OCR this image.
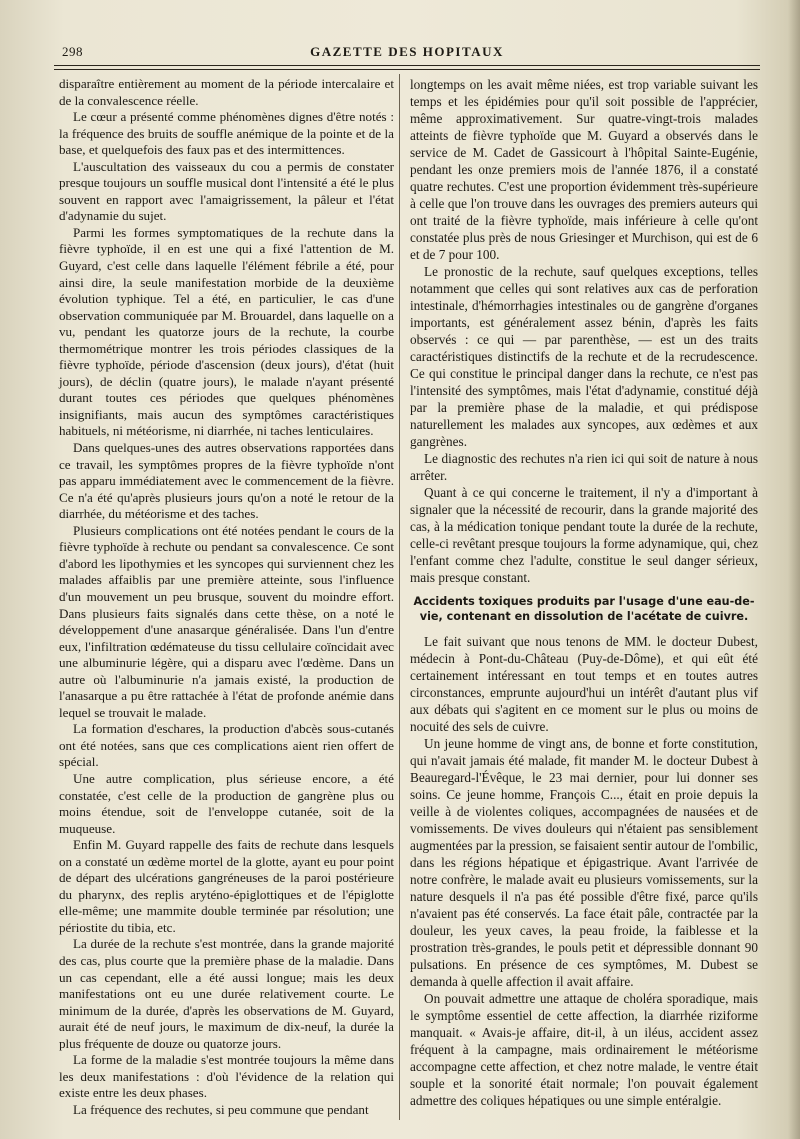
298	GAZETTE DES HOPITAUX

disparaître entièrement au moment de la période intercalaire et de la convalescence réelle.

Le cœur a présenté comme phénomènes dignes d'être notés : la fréquence des bruits de souffle anémique de la pointe et de la base, et quelquefois des faux pas et des intermittences.

L'auscultation des vaisseaux du cou a permis de constater presque toujours un souffle musical dont l'intensité a été le plus souvent en rapport avec l'amaigrissement, la pâleur et l'état d'adynamie du sujet.

Parmi les formes symptomatiques de la rechute dans la fièvre typhoïde, il en est une qui a fixé l'attention de M. Guyard, c'est celle dans laquelle l'élément fébrile a été, pour ainsi dire, la seule manifestation morbide de la deuxième évolution typhique. Tel a été, en particulier, le cas d'une observation communiquée par M. Brouardel, dans laquelle on a vu, pendant les quatorze jours de la rechute, la courbe thermométrique montrer les trois périodes classiques de la fièvre typhoïde, période d'ascension (deux jours), d'état (huit jours), de déclin (quatre jours), le malade n'ayant présenté durant toutes ces périodes que quelques phénomènes insignifiants, mais aucun des symptômes caractéristiques habituels, ni météorisme, ni diarrhée, ni taches lenticulaires.

Dans quelques-unes des autres observations rapportées dans ce travail, les symptômes propres de la fièvre typhoïde n'ont pas apparu immédiatement avec le commencement de la fièvre. Ce n'a été qu'après plusieurs jours qu'on a noté le retour de la diarrhée, du météorisme et des taches.

Plusieurs complications ont été notées pendant le cours de la fièvre typhoïde à rechute ou pendant sa convalescence. Ce sont d'abord les lipothymies et les syncopes qui surviennent chez les malades affaiblis par une première atteinte, sous l'influence d'un mouvement un peu brusque, souvent du moindre effort. Dans plusieurs faits signalés dans cette thèse, on a noté le développement d'une anasarque généralisée. Dans l'un d'entre eux, l'infiltration œdémateuse du tissu cellulaire coïncidait avec une albuminurie légère, qui a disparu avec l'œdème. Dans un autre où l'albuminurie n'a jamais existé, la production de l'anasarque a pu être rattachée à l'état de profonde anémie dans lequel se trouvait le malade.

La formation d'eschares, la production d'abcès sous-cutanés ont été notées, sans que ces complications aient rien offert de spécial.

Une autre complication, plus sérieuse encore, a été constatée, c'est celle de la production de gangrène plus ou moins étendue, soit de l'enveloppe cutanée, soit de la muqueuse.

Enfin M. Guyard rappelle des faits de rechute dans lesquels on a constaté un œdème mortel de la glotte, ayant eu pour point de départ des ulcérations gangréneuses de la paroi postérieure du pharynx, des replis aryténo-épiglottiques et de l'épiglotte elle-même; une mammite double terminée par résolution; une périostite du tibia, etc.

La durée de la rechute s'est montrée, dans la grande majorité des cas, plus courte que la première phase de la maladie. Dans un cas cependant, elle a été aussi longue; mais les deux manifestations ont eu une durée relativement courte. Le minimum de la durée, d'après les observations de M. Guyard, aurait été de neuf jours, le maximum de dix-neuf, la durée la plus fréquente de douze ou quatorze jours.

La forme de la maladie s'est montrée toujours la même dans les deux manifestations : d'où l'évidence de la relation qui existe entre les deux phases.

La fréquence des rechutes, si peu commune que pendant

longtemps on les avait même niées, est trop variable suivant les temps et les épidémies pour qu'il soit possible de l'apprécier, même approximativement. Sur quatre-vingt-trois malades atteints de fièvre typhoïde que M. Guyard a observés dans le service de M. Cadet de Gassicourt à l'hôpital Sainte-Eugénie, pendant les onze premiers mois de l'année 1876, il a constaté quatre rechutes. C'est une proportion évidemment très-supérieure à celle que l'on trouve dans les ouvrages des premiers auteurs qui ont traité de la fièvre typhoïde, mais inférieure à celle qu'ont constatée plus près de nous Griesinger et Murchison, qui est de 6 et de 7 pour 100.

Le pronostic de la rechute, sauf quelques exceptions, telles notamment que celles qui sont relatives aux cas de perforation intestinale, d'hémorrhagies intestinales ou de gangrène d'organes importants, est généralement assez bénin, d'après les faits observés : ce qui — par parenthèse, — est un des traits caractéristiques distinctifs de la rechute et de la recrudescence. Ce qui constitue le principal danger dans la rechute, ce n'est pas l'intensité des symptômes, mais l'état d'adynamie, constitué déjà par la première phase de la maladie, et qui prédispose naturellement les malades aux syncopes, aux œdèmes et aux gangrènes.

Le diagnostic des rechutes n'a rien ici qui soit de nature à nous arrêter.

Quant à ce qui concerne le traitement, il n'y a d'important à signaler que la nécessité de recourir, dans la grande majorité des cas, à la médication tonique pendant toute la durée de la rechute, celle-ci revêtant presque toujours la forme adynamique, qui, chez l'enfant comme chez l'adulte, constitue le seul danger sérieux, mais presque constant.

Accidents toxiques produits par l'usage d'une eau-de-vie, contenant en dissolution de l'acétate de cuivre.

Le fait suivant que nous tenons de MM. le docteur Dubest, médecin à Pont-du-Château (Puy-de-Dôme), et qui eût été certainement intéressant en tout temps et en toutes autres circonstances, emprunte aujourd'hui un intérêt d'autant plus vif aux débats qui s'agitent en ce moment sur le plus ou moins de nocuité des sels de cuivre.

Un jeune homme de vingt ans, de bonne et forte constitution, qui n'avait jamais été malade, fit mander M. le docteur Dubest à Beauregard-l'Évêque, le 23 mai dernier, pour lui donner ses soins. Ce jeune homme, François C..., était en proie depuis la veille à de violentes coliques, accompagnées de nausées et de vomissements. De vives douleurs qui n'étaient pas sensiblement augmentées par la pression, se faisaient sentir autour de l'ombilic, dans les régions hépatique et épigastrique. Avant l'arrivée de notre confrère, le malade avait eu plusieurs vomissements, sur la nature desquels il n'a pas été possible d'être fixé, parce qu'ils n'avaient pas été conservés. La face était pâle, contractée par la douleur, les yeux caves, la peau froide, la faiblesse et la prostration très-grandes, le pouls petit et dépressible donnant 90 pulsations. En présence de ces symptômes, M. Dubest se demanda à quelle affection il avait affaire.

On pouvait admettre une attaque de choléra sporadique, mais le symptôme essentiel de cette affection, la diarrhée riziforme manquait. « Avais-je affaire, dit-il, à un iléus, accident assez fréquent à la campagne, mais ordinairement le météorisme accompagne cette affection, et chez notre malade, le ventre était souple et la sonorité était normale; l'on pouvait également admettre des coliques hépatiques ou une simple entéralgie.
